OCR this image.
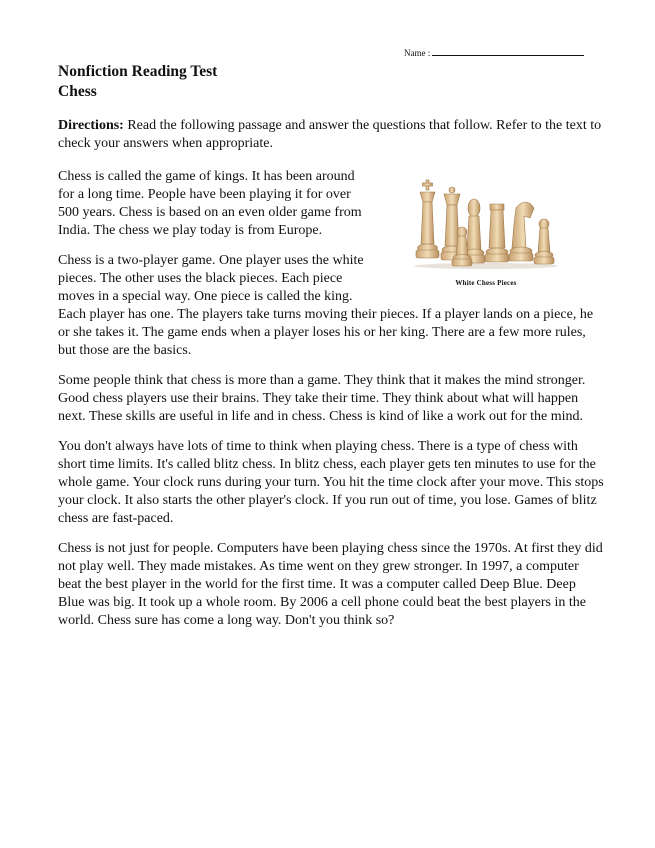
Name :
Nonfiction Reading Test
Chess
Directions: Read the following passage and answer the questions that follow. Refer to the text to check your answers when appropriate.
White Chess Pieces

Chess is called the game of kings. It has been around for a long time. People have been playing it for over 500 years. Chess is based on an even older game from India. The chess we play today is from Europe.

Chess is a two-player game. One player uses the white pieces. The other uses the black pieces. Each piece moves in a special way. One piece is called the king. Each player has one. The players take turns moving their pieces. If a player lands on a piece, he or she takes it. The game ends when a player loses his or her king. There are a few more rules, but those are the basics.

Some people think that chess is more than a game. They think that it makes the mind stronger. Good chess players use their brains. They take their time. They think about what will happen next. These skills are useful in life and in chess. Chess is kind of like a work out for the mind.

You don't always have lots of time to think when playing chess. There is a type of chess with short time limits. It's called blitz chess. In blitz chess, each player gets ten minutes to use for the whole game. Your clock runs during your turn. You hit the time clock after your move. This stops your clock. It also starts the other player's clock. If you run out of time, you lose. Games of blitz chess are fast-paced.

Chess is not just for people. Computers have been playing chess since the 1970s. At first they did not play well. They made mistakes. As time went on they grew stronger. In 1997, a computer beat the best player in the world for the first time. It was a computer called Deep Blue. Deep Blue was big. It took up a whole room. By 2006 a cell phone could beat the best players in the world. Chess sure has come a long way. Don't you think so?
